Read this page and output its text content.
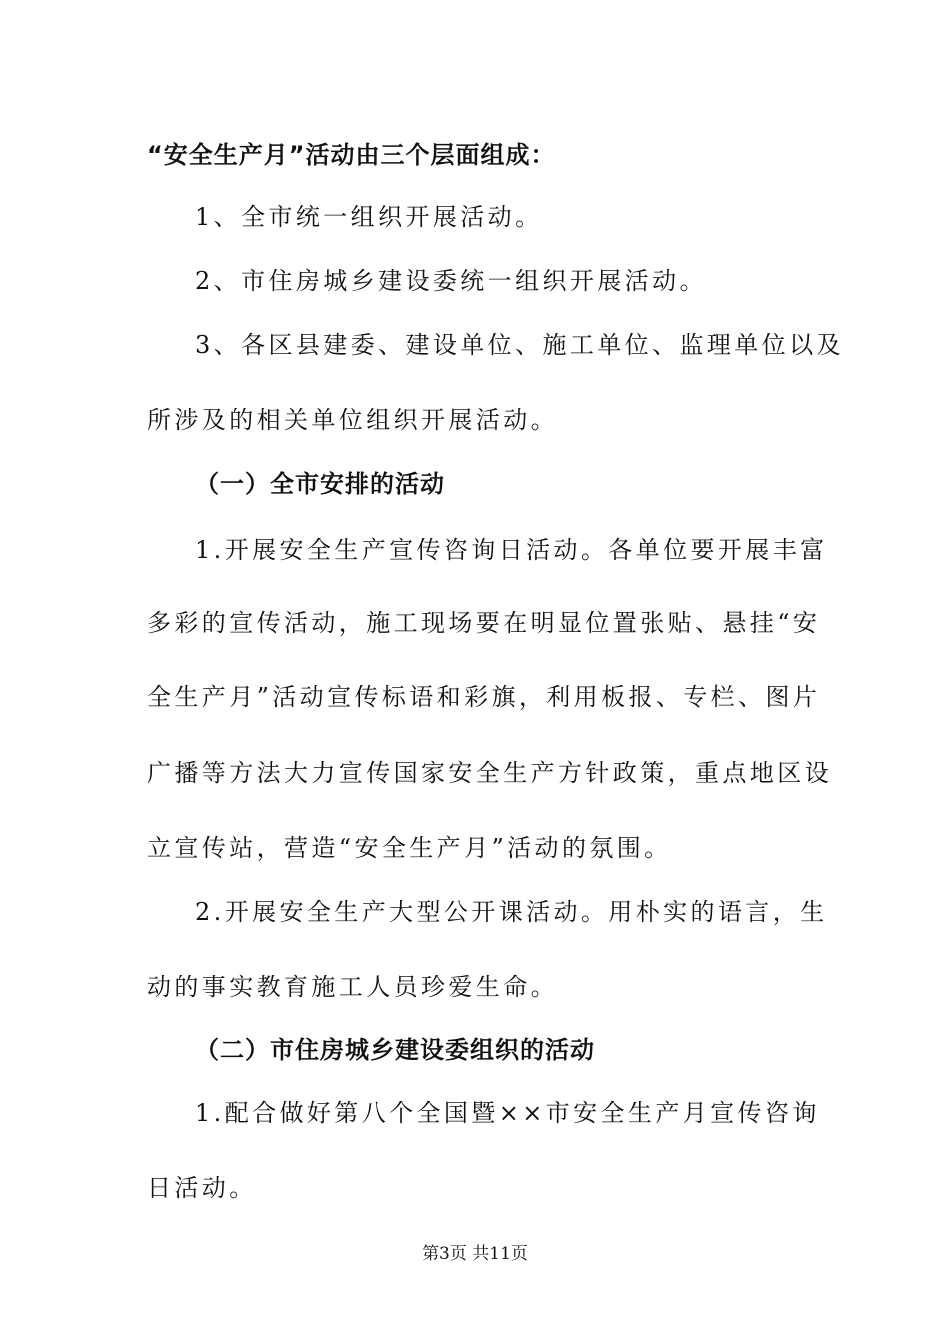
“安全生产月”活动由三个层面组成：
1、全市统一组织开展活动。
2、市住房城乡建设委统一组织开展活动。
3、各区县建委、建设单位、施工单位、监理单位以及
所涉及的相关单位组织开展活动。
（一）全市安排的活动
1.开展安全生产宣传咨询日活动。各单位要开展丰富
多彩的宣传活动，施工现场要在明显位置张贴、悬挂“安
全生产月”活动宣传标语和彩旗，利用板报、专栏、图片
广播等方法大力宣传国家安全生产方针政策，重点地区设
立宣传站，营造“安全生产月”活动的氛围。
2.开展安全生产大型公开课活动。用朴实的语言，生
动的事实教育施工人员珍爱生命。
（二）市住房城乡建设委组织的活动
1.配合做好第八个全国暨××市安全生产月宣传咨询
日活动。
第3页 共11页
